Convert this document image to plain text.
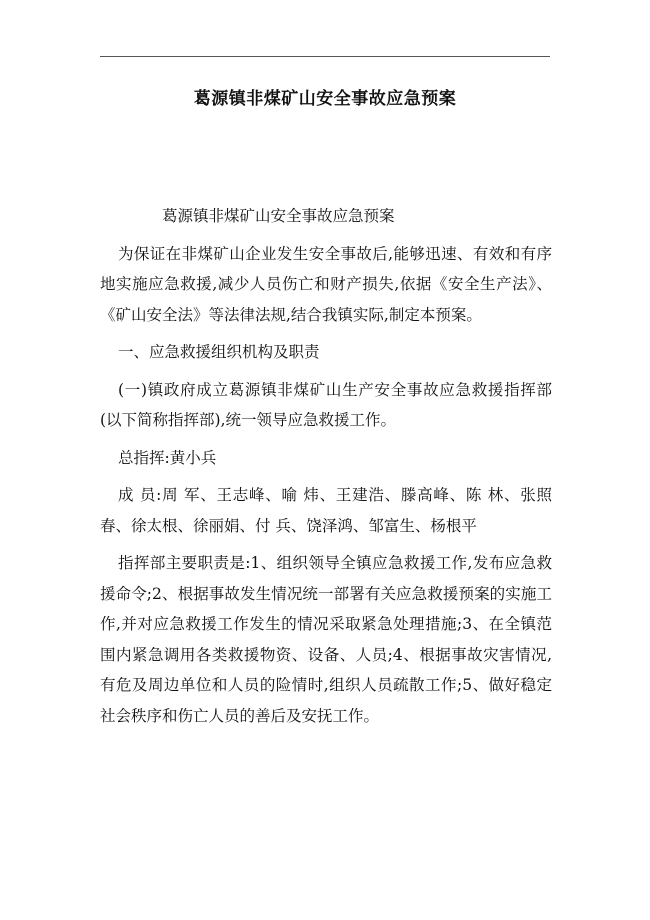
葛源镇非煤矿山安全事故应急预案

葛源镇非煤矿山安全事故应急预案

为保证在非煤矿山企业发生安全事故后,能够迅速、有效和有序地实施应急救援,减少人员伤亡和财产损失,依据《安全生产法》、《矿山安全法》等法律法规,结合我镇实际,制定本预案。

一、应急救援组织机构及职责

(一)镇政府成立葛源镇非煤矿山生产安全事故应急救援指挥部(以下简称指挥部),统一领导应急救援工作。

总指挥:黄小兵

成 员:周 军、王志峰、喻 炜、王建浩、滕高峰、陈 林、张照春、徐太根、徐丽娟、付 兵、饶泽鸿、邹富生、杨根平

指挥部主要职责是:1、组织领导全镇应急救援工作,发布应急救援命令;2、根据事故发生情况统一部署有关应急救援预案的实施工作,并对应急救援工作发生的情况采取紧急处理措施;3、在全镇范围内紧急调用各类救援物资、设备、人员;4、根据事故灾害情况,有危及周边单位和人员的险情时,组织人员疏散工作;5、做好稳定社会秩序和伤亡人员的善后及安抚工作。
